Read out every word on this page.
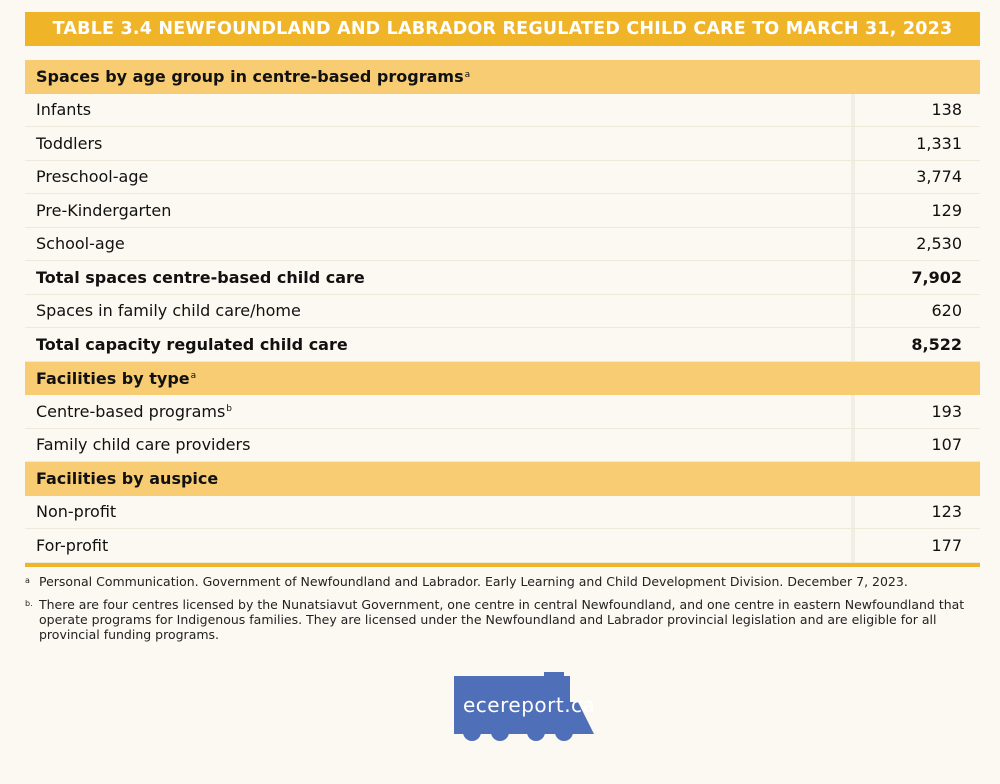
TABLE 3.4 NEWFOUNDLAND AND LABRADOR REGULATED CHILD CARE TO MARCH 31, 2023
Spaces by age group in centre-based programs$^a$
Infants	138
Toddlers	1,331
Preschool-age	3,774
Pre-Kindergarten	129
School-age	2,530
Total spaces centre-based child care	7,902
Spaces in family child care/home	620
Total capacity regulated child care	8,522
Facilities by type$^a$
Centre-based programs$^b$	193
Family child care providers	107
Facilities by auspice
Non-profit	123
For-profit	177
a Personal Communication. Government of Newfoundland and Labrador. Early Learning and Child Development Division. December 7, 2023.
b. There are four centres licensed by the Nunatsiavut Government, one centre in central Newfoundland, and one centre in eastern Newfoundland that operate programs for Indigenous families. They are licensed under the Newfoundland and Labrador provincial legislation and are eligible for all provincial funding programs.
ecereport.ca
